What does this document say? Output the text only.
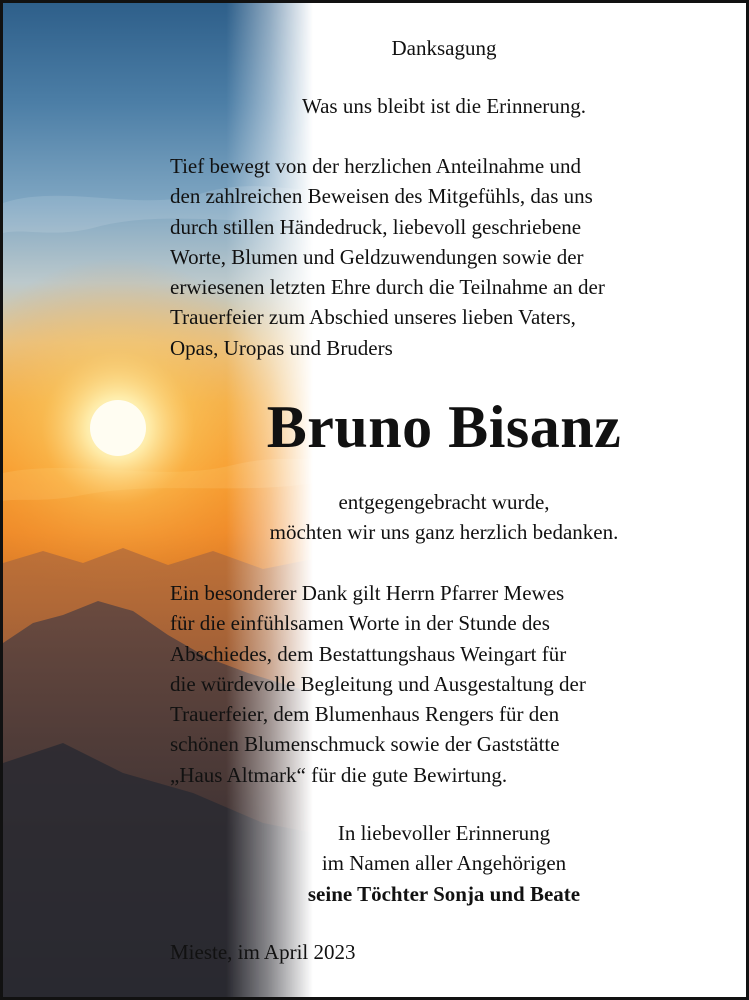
Danksagung
Was uns bleibt ist die Erinnerung.
Tief bewegt von der herzlichen Anteilnahme und
den zahlreichen Beweisen des Mitgefühls, das uns
durch stillen Händedruck, liebevoll geschriebene
Worte, Blumen und Geldzuwendungen sowie der
erwiesenen letzten Ehre durch die Teilnahme an der
Trauerfeier zum Abschied unseres lieben Vaters,
Opas, Uropas und Bruders
Bruno Bisanz
entgegengebracht wurde,
möchten wir uns ganz herzlich bedanken.
Ein besonderer Dank gilt Herrn Pfarrer Mewes
für die einfühlsamen Worte in der Stunde des
Abschiedes, dem Bestattungshaus Weingart für
die würdevolle Begleitung und Ausgestaltung der
Trauerfeier, dem Blumenhaus Rengers für den
schönen Blumenschmuck sowie der Gaststätte
„Haus Altmark“ für die gute Bewirtung.
In liebevoller Erinnerung
im Namen aller Angehörigen
seine Töchter Sonja und Beate
Mieste, im April 2023
